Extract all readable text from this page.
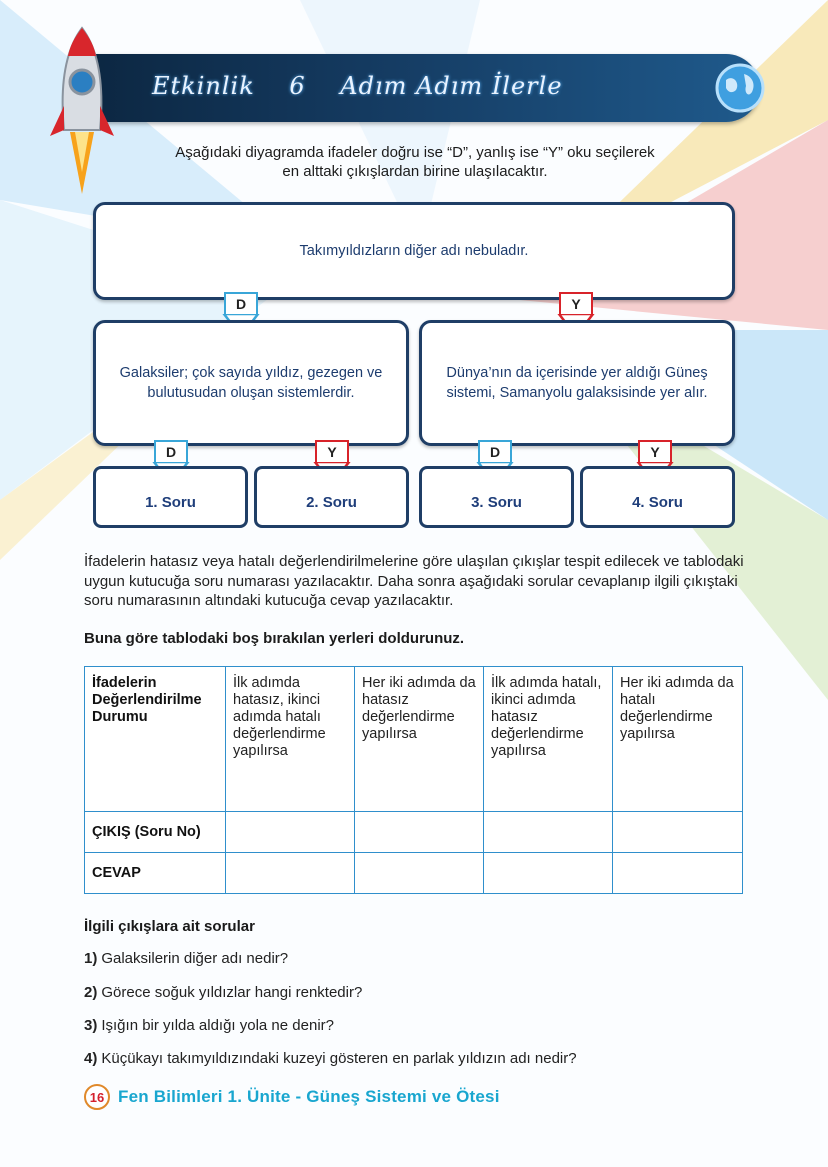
Etkinlik 6 Adım Adım İlerle
Aşağıdaki diyagramda ifadeler doğru ise “D”, yanlış ise “Y” oku seçilerek
en alttaki çıkışlardan birine ulaşılacaktır.
Takımyıldızların diğer adı nebuladır.
D	Y
Galaksiler; çok sayıda yıldız, gezegen ve bulutusudan oluşan sistemlerdir.
Dünya’nın da içerisinde yer aldığı Güneş sistemi, Samanyolu galaksisinde yer alır.
D	Y	D	Y
1. Soru	2. Soru	3. Soru	4. Soru
İfadelerin hatasız veya hatalı değerlendirilmelerine göre ulaşılan çıkışlar tespit edilecek ve tablodaki uygun kutucuğa soru numarası yazılacaktır. Daha sonra aşağıdaki sorular cevaplanıp ilgili çıkıştaki soru numarasının altındaki kutucuğa cevap yazılacaktır.
Buna göre tablodaki boş bırakılan yerleri doldurunuz.
İfadelerin Değerlendirilme Durumu	İlk adımda hatasız, ikinci adımda hatalı değerlendirme yapılırsa	Her iki adımda da hatasız değerlendirme yapılırsa	İlk adımda hatalı, ikinci adımda hatasız değerlendirme yapılırsa	Her iki adımda da hatalı değerlendirme yapılırsa
ÇIKIŞ (Soru No)				
CEVAP				
İlgili çıkışlara ait sorular
1) Galaksilerin diğer adı nedir?
2) Görece soğuk yıldızlar hangi renktedir?
3) Işığın bir yılda aldığı yola ne denir?
4) Küçükayı takımyıldızındaki kuzeyi gösteren en parlak yıldızın adı nedir?
16 Fen Bilimleri 1. Ünite - Güneş Sistemi ve Ötesi
